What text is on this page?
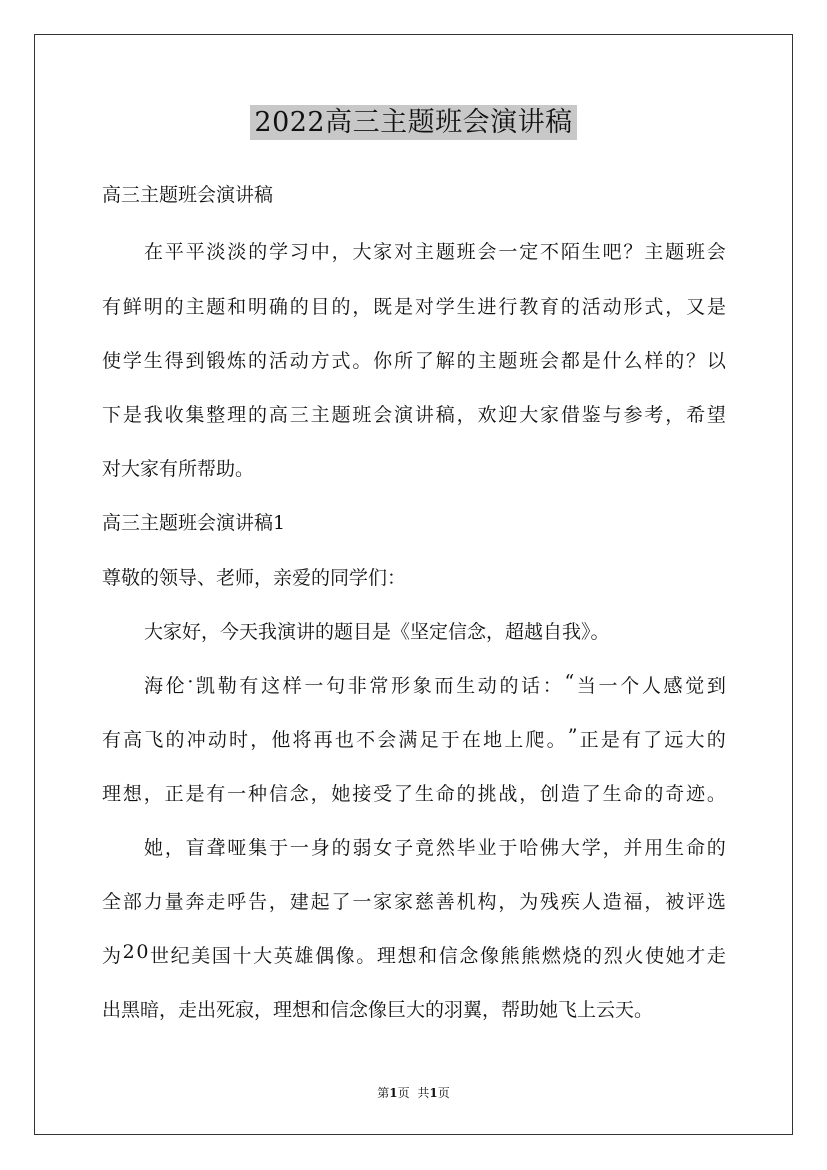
2022高三主题班会演讲稿
高三主题班会演讲稿
在 平 平 淡 淡 的 学 习 中 ， 大 家 对 主 题 班 会 一 定 不 陌 生 吧 ？ 主 题 班 会
有 鲜 明 的 主 题 和 明 确 的 目 的 ， 既 是 对 学 生 进 行 教 育 的 活 动 形 式 ， 又 是
使 学 生 得 到 锻 炼 的 活 动 方 式 。 你 所 了 解 的 主 题 班 会 都 是 什 么 样 的 ？ 以
下 是 我 收 集 整 理 的 高 三 主 题 班 会 演 讲 稿 ， 欢 迎 大 家 借 鉴 与 参 考 ， 希 望
对大家有所帮助。
高三主题班会演讲稿1
尊敬的领导、老师，亲爱的同学们：
大家好，今天我演讲的题目是《坚定信念，超越自我》。
海 伦 · 凯 勒 有 这 样 一 句 非 常 形 象 而 生 动 的 话 ： “ 当 一 个 人 感 觉 到
有 高 飞 的 冲 动 时 ， 他 将 再 也 不 会 满 足 于 在 地 上 爬 。 ” 正 是 有 了 远 大 的
理 想 ， 正 是 有 一 种 信 念 ， 她 接 受 了 生 命 的 挑 战 ， 创 造 了 生 命 的 奇 迹 。
她 ， 盲 聋 哑 集 于 一 身 的 弱 女 子 竟 然 毕 业 于 哈 佛 大 学 ， 并 用 生 命 的
全 部 力 量 奔 走 呼 告 ， 建 起 了 一 家 家 慈 善 机 构 ， 为 残 疾 人 造 福 ， 被 评 选
为 2 0 世 纪 美 国 十 大 英 雄 偶 像 。 理 想 和 信 念 像 熊 熊 燃 烧 的 烈 火 使 她 才 走
出黑暗，走出死寂，理想和信念像巨大的羽翼，帮助她飞上云天。
第1页 共1页
